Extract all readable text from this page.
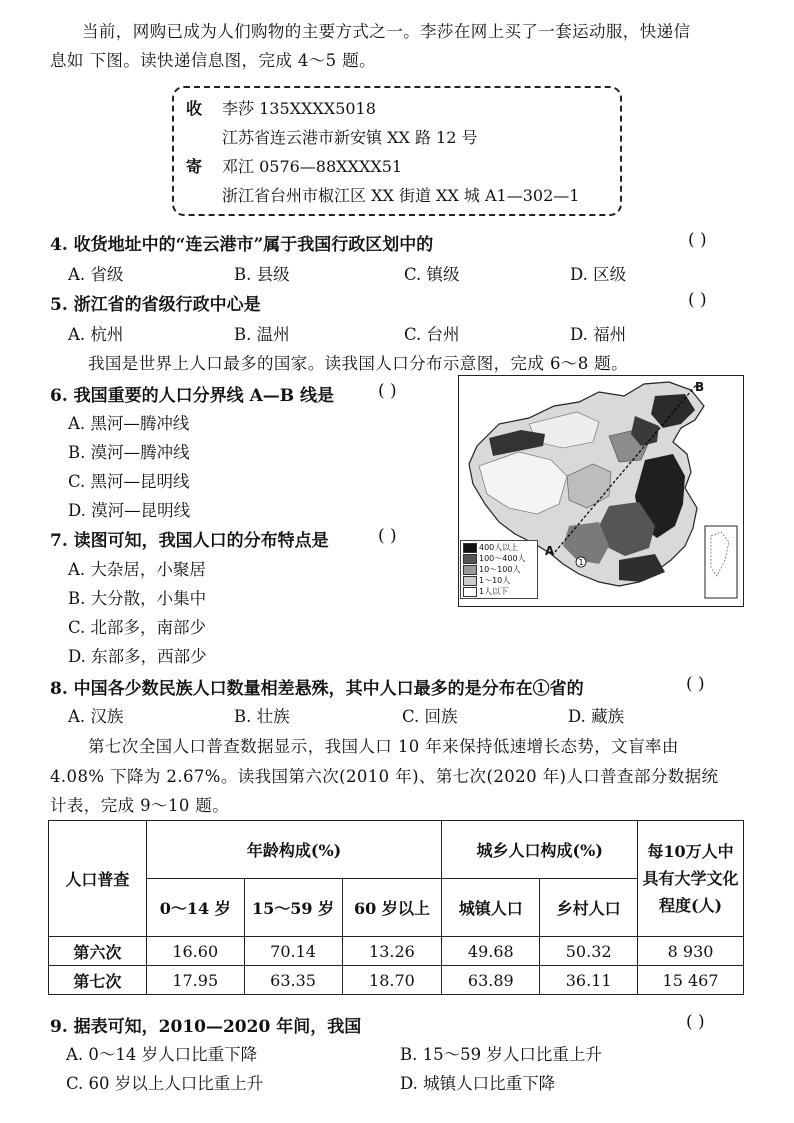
当前，网购已成为人们购物的主要方式之一。李莎在网上买了一套运动服，快递信
息如 下图。读快递信息图，完成 4～5 题。
收 李莎 135XXXX5018
江苏省连云港市新安镇 XX 路 12 号
寄 邓江 0576—88XXXX51
浙江省台州市椒江区 XX 街道 XX 城 A1—302—1
4. 收货地址中的“连云港市”属于我国行政区划中的	( )
A. 省级	B. 县级	C. 镇级	D. 区级
5. 浙江省的省级行政中心是	( )
A. 杭州	B. 温州	C. 台州	D. 福州
我国是世界上人口最多的国家。读我国人口分布示意图，完成 6～8 题。
6. 我国重要的人口分界线 A—B 线是	( )
A. 黑河—腾冲线
B. 漠河—腾冲线
C. 黑河—昆明线
D. 漠河—昆明线
7. 读图可知，我国人口的分布特点是	( )
A. 大杂居，小聚居
B. 大分散，小集中
C. 北部多，南部少
D. 东部多，西部少
1
B
A
400人以上
100～400人
10～100人
1～10人
1人以下
8. 中国各少数民族人口数量相差悬殊，其中人口最多的是分布在①省的	( )
A. 汉族	B. 壮族	C. 回族	D. 藏族
第七次全国人口普查数据显示，我国人口 10 年来保持低速增长态势，文盲率由
4.08% 下降为 2.67%。读我国第六次(2010 年)、第七次(2020 年)人口普查部分数据统
计表，完成 9～10 题。
人口普查	年龄构成(%)			城乡人口构成(%)		每10万人中具有大学文化程度(人)
	0～14 岁	15～59 岁	60 岁以上	城镇人口	乡村人口	
第六次	16.60	70.14	13.26	49.68	50.32	8 930
第七次	17.95	63.35	18.70	63.89	36.11	15 467
9. 据表可知，2010—2020 年间，我国	( )
A. 0～14 岁人口比重下降	B. 15～59 岁人口比重上升
C. 60 岁以上人口比重上升	D. 城镇人口比重下降
